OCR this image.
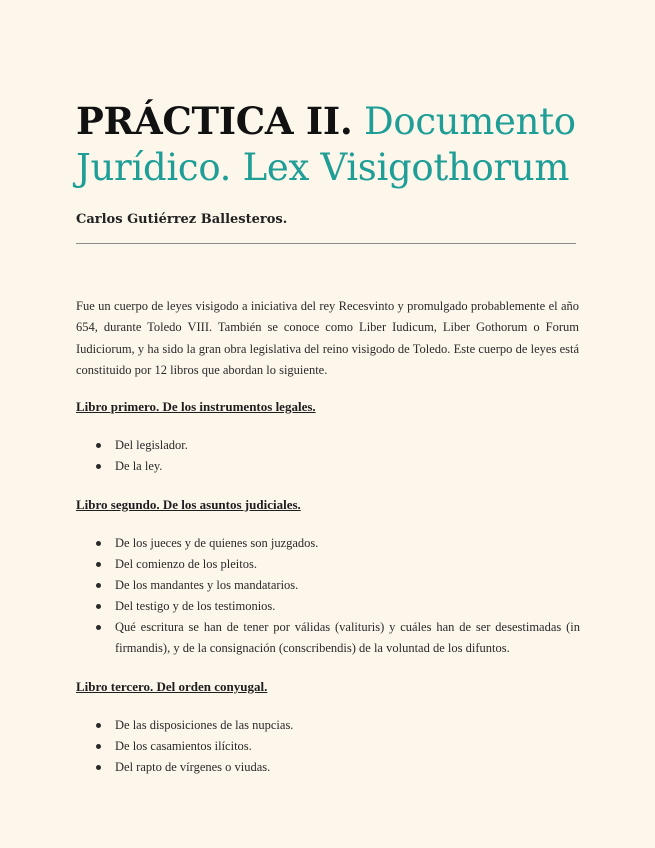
PRÁCTICA II. Documento Jurídico. Lex Visigothorum

Carlos Gutiérrez Ballesteros.

Fue un cuerpo de leyes visigodo a iniciativa del rey Recesvinto y promulgado probablemente el año 654, durante Toledo VIII. También se conoce como Liber Iudicum, Liber Gothorum o Forum Iudiciorum, y ha sido la gran obra legislativa del reino visigodo de Toledo. Este cuerpo de leyes está constituido por 12 libros que abordan lo siguiente.

Libro primero. De los instrumentos legales.

Del legislador.
De la ley.

Libro segundo. De los asuntos judiciales.

De los jueces y de quienes son juzgados.
Del comienzo de los pleitos.
De los mandantes y los mandatarios.
Del testigo y de los testimonios.
Qué escritura se han de tener por válidas (valituris) y cuáles han de ser desestimadas (in firmandis), y de la consignación (conscribendis) de la voluntad de los difuntos.

Libro tercero. Del orden conyugal.

De las disposiciones de las nupcias.
De los casamientos ilícitos.
Del rapto de vírgenes o viudas.
